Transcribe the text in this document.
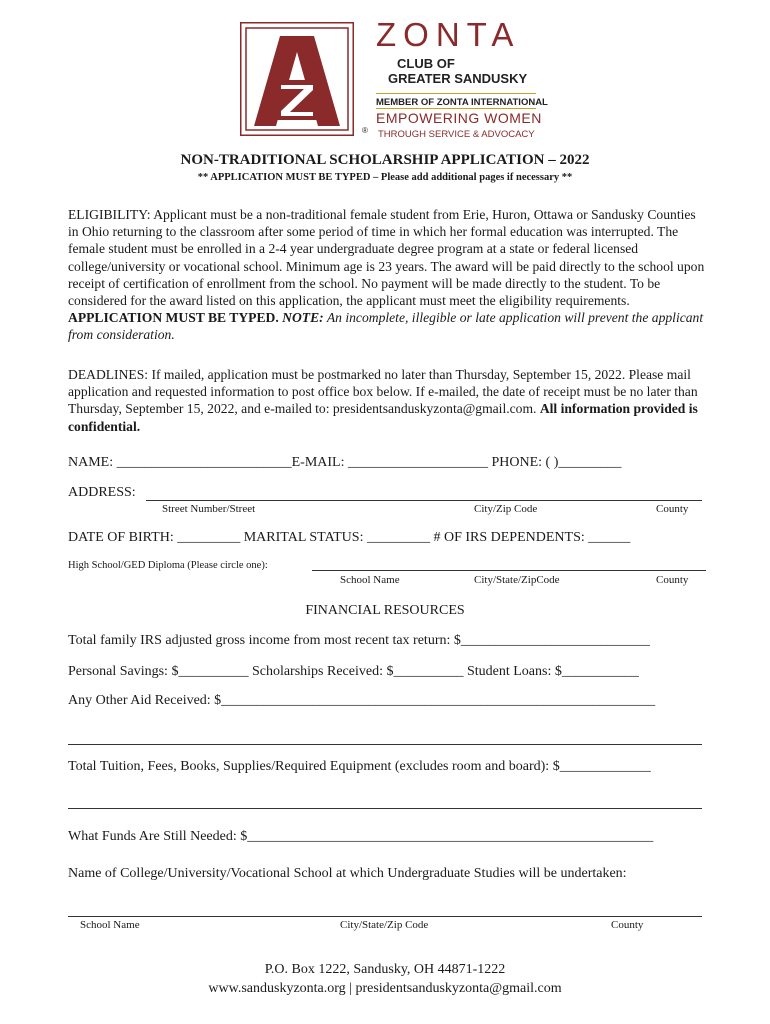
ZONTA
CLUB OF
GREATER SANDUSKY
MEMBER OF ZONTA INTERNATIONAL
EMPOWERING WOMEN
THROUGH SERVICE & ADVOCACY
®
NON-TRADITIONAL SCHOLARSHIP APPLICATION – 2022
** APPLICATION MUST BE TYPED – Please add additional pages if necessary **
ELIGIBILITY: Applicant must be a non-traditional female student from Erie, Huron, Ottawa or Sandusky Counties in Ohio returning to the classroom after some period of time in which her formal education was interrupted. The female student must be enrolled in a 2-4 year undergraduate degree program at a state or federal licensed college/university or vocational school. Minimum age is 23 years. The award will be paid directly to the school upon receipt of certification of enrollment from the school. No payment will be made directly to the student. To be considered for the award listed on this application, the applicant must meet the eligibility requirements. APPLICATION MUST BE TYPED. NOTE: An incomplete, illegible or late application will prevent the applicant from consideration.
DEADLINES: If mailed, application must be postmarked no later than Thursday, September 15, 2022. Please mail application and requested information to post office box below. If e-mailed, the date of receipt must be no later than Thursday, September 15, 2022, and e-mailed to: presidentsanduskyzonta@gmail.com. All information provided is confidential.
NAME: _________________________E-MAIL: ____________________ PHONE: ( )_________
ADDRESS:
Street Number/Street	City/Zip Code	County
DATE OF BIRTH: _________ MARITAL STATUS: _________ # OF IRS DEPENDENTS: ______
High School/GED Diploma (Please circle one):
School Name	City/State/ZipCode	County
FINANCIAL RESOURCES
Total family IRS adjusted gross income from most recent tax return: $___________________________
Personal Savings: $__________ Scholarships Received: $__________ Student Loans: $___________
Any Other Aid Received: $______________________________________________________________
Total Tuition, Fees, Books, Supplies/Required Equipment (excludes room and board): $_____________
What Funds Are Still Needed: $__________________________________________________________
Name of College/University/Vocational School at which Undergraduate Studies will be undertaken:
School Name	City/State/Zip Code	County
P.O. Box 1222, Sandusky, OH 44871-1222
www.sanduskyzonta.org | presidentsanduskyzonta@gmail.com
